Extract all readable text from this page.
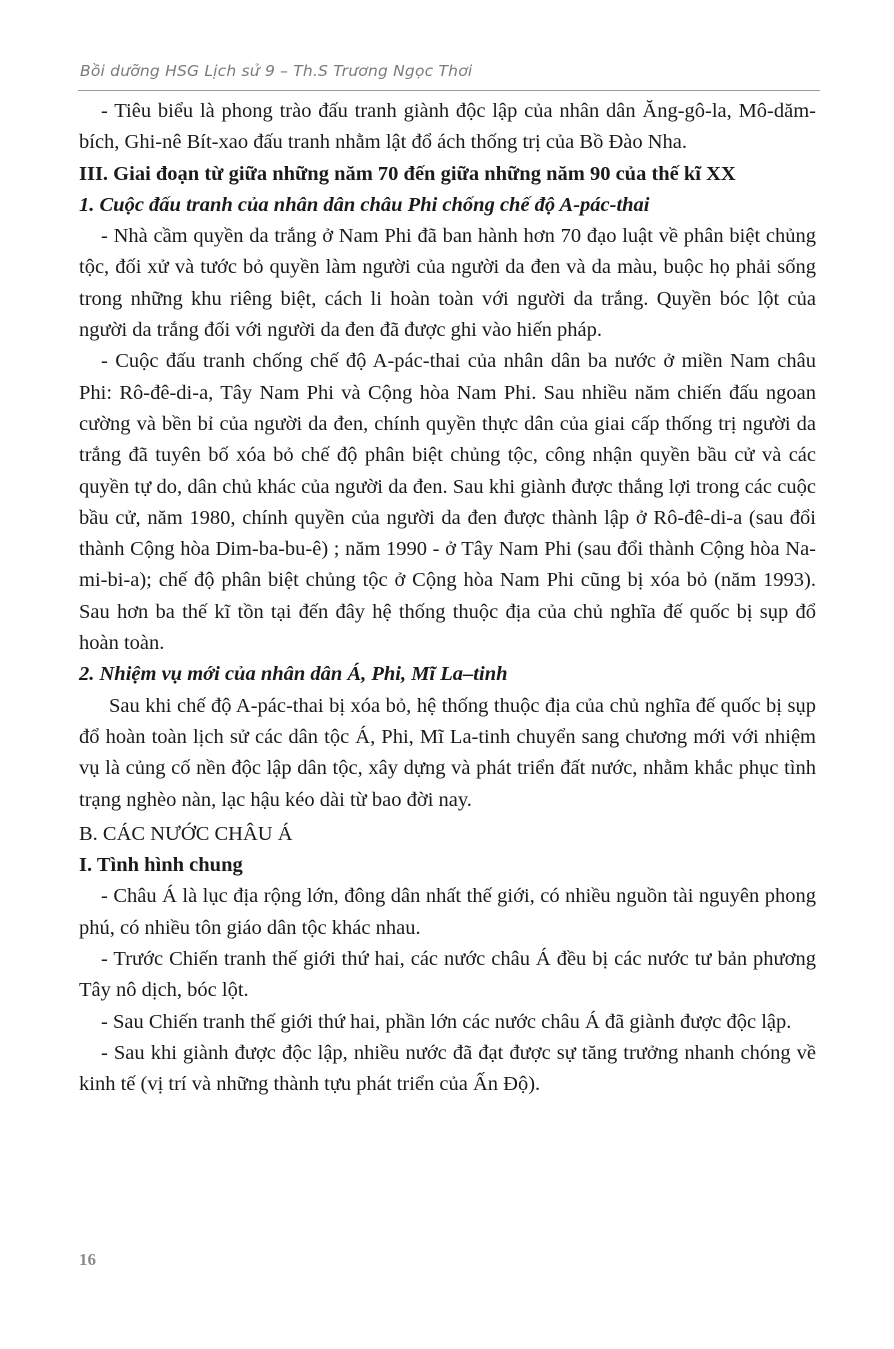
Bồi dưỡng HSG Lịch sử 9 – Th.S Trương Ngọc Thơi

- Tiêu biểu là phong trào đấu tranh giành độc lập của nhân dân Ăng-gô-la, Mô-dăm-bích, Ghi-nê Bít-xao đấu tranh nhằm lật đổ ách thống trị của Bồ Đào Nha.

III. Giai đoạn từ giữa những năm 70 đến giữa những năm 90 của thế kĩ XX

1. Cuộc đấu tranh của nhân dân châu Phi chống chế độ A-pác-thai

- Nhà cầm quyền da trắng ở Nam Phi đã ban hành hơn 70 đạo luật về phân biệt chủng tộc, đối xử và tước bỏ quyền làm người của người da đen và da màu, buộc họ phải sống trong những khu riêng biệt, cách li hoàn toàn với người da trắng. Quyền bóc lột của người da trắng đối với người da đen đã được ghi vào hiến pháp.

- Cuộc đấu tranh chống chế độ A-pác-thai của nhân dân ba nước ở miền Nam châu Phi: Rô-đê-di-a, Tây Nam Phi và Cộng hòa Nam Phi. Sau nhiều năm chiến đấu ngoan cường và bền bỉ của người da đen, chính quyền thực dân của giai cấp thống trị người da trắng đã tuyên bố xóa bỏ chế độ phân biệt chủng tộc, công nhận quyền bầu cử và các quyền tự do, dân chủ khác của người da đen. Sau khi giành được thắng lợi trong các cuộc bầu cử, năm 1980, chính quyền của người da đen được thành lập ở Rô-đê-di-a (sau đổi thành Cộng hòa Dim-ba-bu-ê) ; năm 1990 - ở Tây Nam Phi (sau đổi thành Cộng hòa Na-mi-bi-a); chế độ phân biệt chủng tộc ở Cộng hòa Nam Phi cũng bị xóa bỏ (năm 1993). Sau hơn ba thế kĩ tồn tại đến đây hệ thống thuộc địa của chủ nghĩa đế quốc bị sụp đổ hoàn toàn.

2. Nhiệm vụ mới của nhân dân Á, Phi, Mĩ La–tinh

Sau khi chế độ A-pác-thai bị xóa bỏ, hệ thống thuộc địa của chủ nghĩa đế quốc bị sụp đổ hoàn toàn lịch sử các dân tộc Á, Phi, Mĩ La-tinh chuyển sang chương mới với nhiệm vụ là củng cố nền độc lập dân tộc, xây dựng và phát triển đất nước, nhằm khắc phục tình trạng nghèo nàn, lạc hậu kéo dài từ bao đời nay.

B. CÁC NƯỚC CHÂU Á

I. Tình hình chung

- Châu Á là lục địa rộng lớn, đông dân nhất thế giới, có nhiều nguồn tài nguyên phong phú, có nhiều tôn giáo dân tộc khác nhau.

- Trước Chiến tranh thế giới thứ hai, các nước châu Á đều bị các nước tư bản phương Tây nô dịch, bóc lột.

- Sau Chiến tranh thế giới thứ hai, phần lớn các nước châu Á đã giành được độc lập.

- Sau khi giành được độc lập, nhiều nước đã đạt được sự tăng trưởng nhanh chóng về kinh tế (vị trí và những thành tựu phát triển của Ấn Độ).

16
